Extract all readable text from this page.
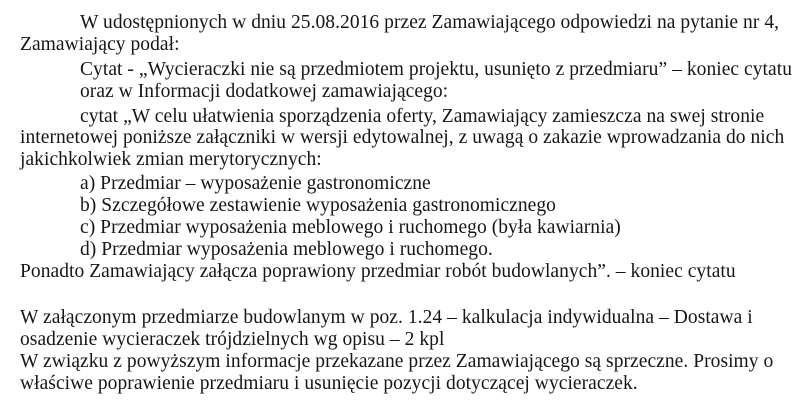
W udostępnionych w dniu 25.08.2016 przez Zamawiającego odpowiedzi na pytanie nr 4,
Zamawiający podał:
Cytat - „Wycieraczki nie są przedmiotem projektu, usunięto z przedmiaru” – koniec cytatu
oraz w Informacji dodatkowej zamawiającego:
cytat „W celu ułatwienia sporządzenia oferty, Zamawiający zamieszcza na swej stronie
internetowej poniższe załączniki w wersji edytowalnej, z uwagą o zakazie wprowadzania do nich
jakichkolwiek zmian merytorycznych:
a) Przedmiar – wyposażenie gastronomiczne
b) Szczegółowe zestawienie wyposażenia gastronomicznego
c) Przedmiar wyposażenia meblowego i ruchomego (była kawiarnia)
d) Przedmiar wyposażenia meblowego i ruchomego.
Ponadto Zamawiający załącza poprawiony przedmiar robót budowlanych”. – koniec cytatu
W załączonym przedmiarze budowlanym w poz. 1.24 – kalkulacja indywidualna – Dostawa i
osadzenie wycieraczek trójdzielnych wg opisu – 2 kpl
W związku z powyższym informacje przekazane przez Zamawiającego są sprzeczne. Prosimy o
właściwe poprawienie przedmiaru i usunięcie pozycji dotyczącej wycieraczek.
